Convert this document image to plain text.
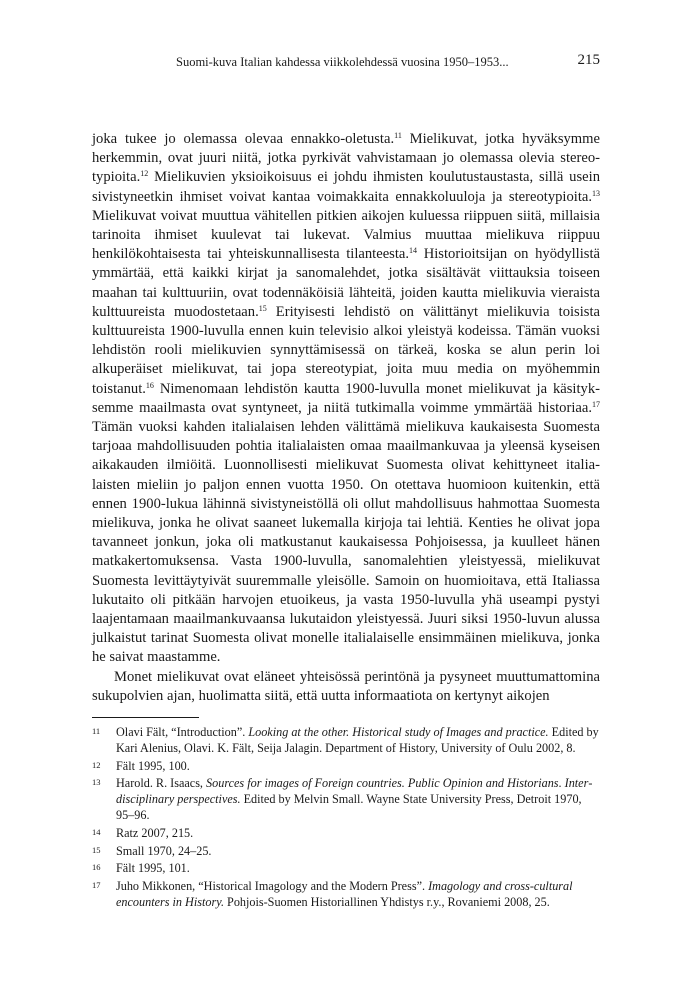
Suomi-kuva Italian kahdessa viikkolehdessä vuosina 1950–1953...	215

joka tukee jo olemassa olevaa ennakko-oletusta.$^{11}$ Mielikuvat, jotka hyväksymme herkemmin, ovat juuri niitä, jotka pyrkivät vahvistamaan jo olemassa olevia stereotypioita.$^{12}$ Mielikuvien yksioikoisuus ei johdu ihmisten koulutustaustasta, sillä usein sivistyneetkin ihmiset voivat kantaa voimakkaita ennakkoluuloja ja stereotypioita.$^{13}$ Mielikuvat voivat muuttua vähitellen pitkien aikojen kuluessa riippuen siitä, millaisia tarinoita ihmiset kuulevat tai lukevat. Valmius muuttaa mielikuva riippuu henkilökohtaisesta tai yhteiskunnallisesta tilanteesta.$^{14}$ Historioitsijan on hyödyllistä ymmärtää, että kaikki kirjat ja sanomalehdet, jotka sisältävät viittauksia toiseen maahan tai kulttuuriin, ovat todennäköisiä lähteitä, joiden kautta mielikuvia vieraista kulttuureista muodostetaan.$^{15}$ Erityisesti lehdistö on välittänyt mielikuvia toisista kulttuureista 1900-luvulla ennen kuin televisio alkoi yleistyä kodeissa. Tämän vuoksi lehdistön rooli mielikuvien synnyttämisessä on tärkeä, koska se alun perin loi alkuperäiset mielikuvat, tai jopa stereotypiat, joita muu media on myöhemmin toistanut.$^{16}$ Nimenomaan lehdistön kautta 1900-luvulla monet mielikuvat ja käsityksemme maailmasta ovat syntyneet, ja niitä tutkimalla voimme ymmärtää historiaa.$^{17}$ Tämän vuoksi kahden italialaisen lehden välittämä mielikuva kaukaisesta Suomesta tarjoaa mahdollisuuden pohtia italialaisten omaa maailmankuvaa ja yleensä kyseisen aikakauden ilmiöitä. Luonnollisesti mielikuvat Suomesta olivat kehittyneet italialaisten mieliin jo paljon ennen vuotta 1950. On otettava huomioon kuitenkin, että ennen 1900-lukua lähinnä sivistyneistöllä oli ollut mahdollisuus hahmottaa Suomesta mielikuva, jonka he olivat saaneet lukemalla kirjoja tai lehtiä. Kenties he olivat jopa tavanneet jonkun, joka oli matkustanut kaukaisessa Pohjoisessa, ja kuulleet hänen matkakertomuksensa. Vasta 1900-luvulla, sanomalehtien yleistyessä, mielikuvat Suomesta levittäytyivät suuremmalle yleisölle. Samoin on huomioitava, että Italiassa lukutaito oli pitkään harvojen etuoikeus, ja vasta 1950-luvulla yhä useampi pystyi laajentamaan maailmankuvaansa lukutaidon yleistyessä. Juuri siksi 1950-luvun alussa julkaistut tarinat Suomesta olivat monelle italialaiselle ensimmäinen mielikuva, jonka he saivat maastamme.

Monet mielikuvat ovat eläneet yhteisössä perintönä ja pysyneet muuttumattomina sukupolvien ajan, huolimatta siitä, että uutta informaatiota on kertynyt aikojen

11	Olavi Fält, “Introduction”. Looking at the other. Historical study of Images and practice. Edited by Kari Alenius, Olavi. K. Fält, Seija Jalagin. Department of History, University of Oulu 2002, 8.
12	Fält 1995, 100.
13	Harold. R. Isaacs, Sources for images of Foreign countries. Public Opinion and Historians. Interdisciplinary perspectives. Edited by Melvin Small. Wayne State University Press, Detroit 1970, 95–96.
14	Ratz 2007, 215.
15	Small 1970, 24–25.
16	Fält 1995, 101.
17	Juho Mikkonen, “Historical Imagology and the Modern Press”. Imagology and cross-cultural encounters in History. Pohjois-Suomen Historiallinen Yhdistys r.y., Rovaniemi 2008, 25.
